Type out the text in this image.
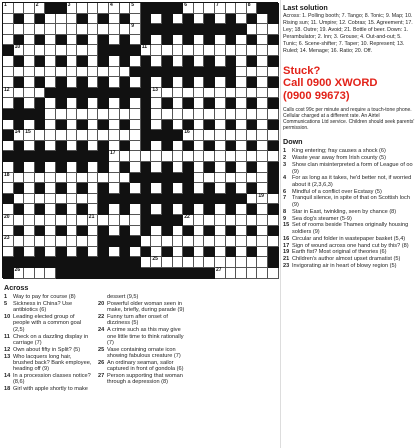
1	2	3	4	5	6	7	8
9
10	11
12	13
14 15	16
17
18
19
20	21	22
23
25
26	27
Last solution
Across: 1. Polling booth; 7. Tango; 8. Tonic; 9. Map; 10. Rising sun; 11. Umpire; 12. Cobras; 15. Agreement; 17. Ley; 18. Outre; 19. Avoid; 21. Bottle of beer. Down: 1. Perambulator; 2. Inn; 3. Grouse; 4. Out-and-out; 5. Tunic; 6. Scene-shifter; 7. Taper; 10. Represent; 13. Ruled; 14. Menage; 16. Ratio; 20. Off.
Stuck?
Call 0900 XWORD
(0900 99673)
Calls cost 99c per minute and require a touch-tone phone. Cellular charged at a different rate. An Airtel Communications Ltd service. Children should seek parents' permission.
Down
1	King entering; fray causes a shock (6)
2	Waste year away from Irish county (5)
3	Show clan misinterpreted a form of League of oo (9)
4	For as long as it takes, he'd better not, if worried about it (2,3,6,3)
6	Mindful of a conflict over Ecstasy (5)
7	Tranquil silence, in spite of that on Scottish loch (9)
8	Star in East, twinkling, seen by chance (8)
9	Sea dog's steamer (5-9)
15 Set of rooms beside Thames originally housing soldiers (9)
16 Circular and folder in wastepaper basket (5,4)
17 Sign of wound across one hand cut by this? (8)
19 Earth fist? Most original of theories (6)
21 Children's author almost upset dramatist (5)
23 Invigorating air in heart of blowy region (5)
Across
1	Way to pay for course (8)
5	Sickness in China? Use antibiotics (6)
10 Leading elected group of people with a common goal (2,5)
11 Check on a dazzling display in carriage (7)
12 Own about fifty in Split? (5)
13 Who lacquers long hair, brushed back? Bank employee, heading off (9)
14 In a procession classes notice? (8,6)
18 Girl with apple shortly to make
dessert (9,5)
20 Powerful older woman seen in make, briefly, during parade (9)
22 Funny turn after onset of dizziness (5)
24 A crime such as this may give one little time to think rationally (7)
25 Vase containing ornate icon showing fabulous creature (7)
26 An ordinary seaman, sailor captured in front of gondola (6)
27 Person supporting that woman through a depression (8)
